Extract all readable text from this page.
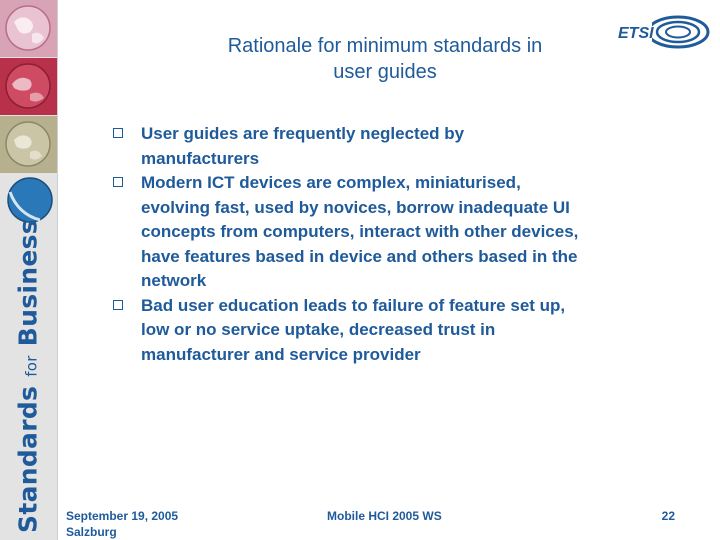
Standards for Business
ETSI
Rationale for minimum standards in
user guides
User guides are frequently neglected by
manufacturers
Modern ICT devices are complex, miniaturised,
evolving fast, used by novices, borrow inadequate UI
concepts from computers, interact with other devices,
have features based in device and others based in the
network
Bad user education leads to failure of feature set up,
low or no service uptake, decreased trust in
manufacturer and service provider
September 19, 2005
Salzburg
Mobile HCI 2005 WS	22
